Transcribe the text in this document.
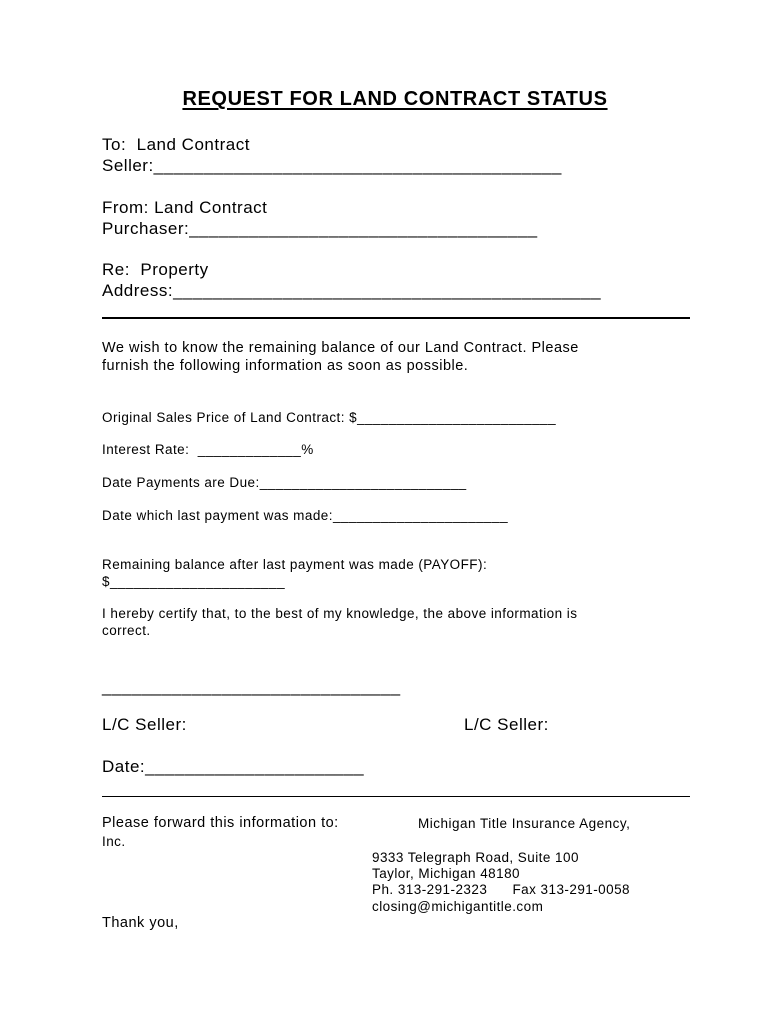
REQUEST FOR LAND CONTRACT STATUS
To:  Land Contract
Seller:_________________________________________
From: Land Contract
Purchaser:___________________________________
Re:  Property
Address:___________________________________________
We wish to know the remaining balance of our Land Contract. Please
furnish the following information as soon as possible.
Original Sales Price of Land Contract: $_________________________
Interest Rate:  _____________%
Date Payments are Due:__________________________
Date which last payment was made:______________________
Remaining balance after last payment was made (PAYOFF):
$______________________
I hereby certify that, to the best of my knowledge, the above information is
correct.
______________________________
L/C Seller:	L/C Seller:
Date:______________________
Please forward this information to:	Michigan Title Insurance Agency,
Inc.
9333 Telegraph Road, Suite 100
Taylor, Michigan 48180
Ph. 313-291-2323      Fax 313-291-0058
closing@michigantitle.com
Thank you,
